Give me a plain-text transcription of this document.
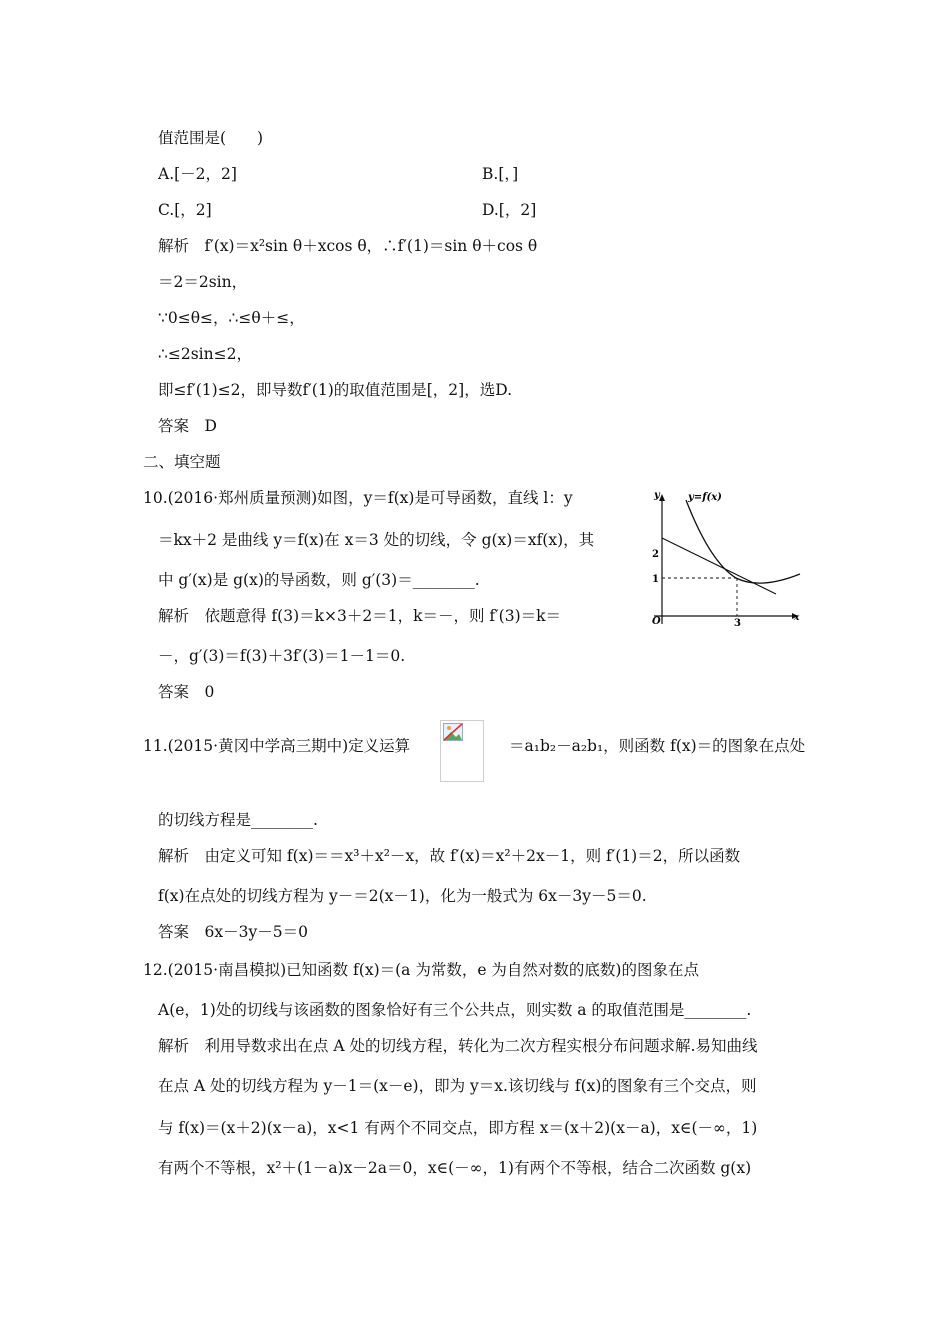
值范围是(　　)
A.[－2，2]	B.[，]
C.[，2]	D.[，2]
解析　f′(x)＝x²sin θ＋xcos θ，∴f′(1)＝sin θ＋cos θ
＝2＝2sin，
∵0≤θ≤，∴≤θ＋≤，
∴≤2sin≤2，
即≤f′(1)≤2，即导数f′(1)的取值范围是[，2]，选D.
答案　D
二、填空题
10.(2016·郑州质量预测)如图，y＝f(x)是可导函数，直线 l：y
＝kx＋2 是曲线 y＝f(x)在 x＝3 处的切线，令 g(x)＝xf(x)，其
中 g′(x)是 g(x)的导函数，则 g′(3)＝________.
解析　依题意得 f(3)＝k×3＋2＝1，k＝－，则 f′(3)＝k＝
－，g′(3)＝f(3)＋3f′(3)＝1－1＝0.
答案　0
y=f(x)
y
x
O
2
1
3
11.(2015·黄冈中学高三期中)定义运算	＝a₁b₂－a₂b₁，则函数 f(x)＝的图象在点处
的切线方程是________.
解析　由定义可知 f(x)＝＝x³＋x²－x，故 f′(x)＝x²＋2x－1，则 f′(1)＝2，所以函数
f(x)在点处的切线方程为 y－＝2(x－1)，化为一般式为 6x－3y－5＝0.
答案　6x－3y－5＝0
12.(2015·南昌模拟)已知函数 f(x)＝(a 为常数，e 为自然对数的底数)的图象在点
A(e，1)处的切线与该函数的图象恰好有三个公共点，则实数 a 的取值范围是________.
解析　利用导数求出在点 A 处的切线方程，转化为二次方程实根分布问题求解.易知曲线
在点 A 处的切线方程为 y－1＝(x－e)，即为 y＝x.该切线与 f(x)的图象有三个交点，则
与 f(x)＝(x＋2)(x－a)，x<1 有两个不同交点，即方程 x＝(x＋2)(x－a)，x∈(－∞，1)
有两个不等根，x²＋(1－a)x－2a＝0，x∈(－∞，1)有两个不等根，结合二次函数 g(x)
